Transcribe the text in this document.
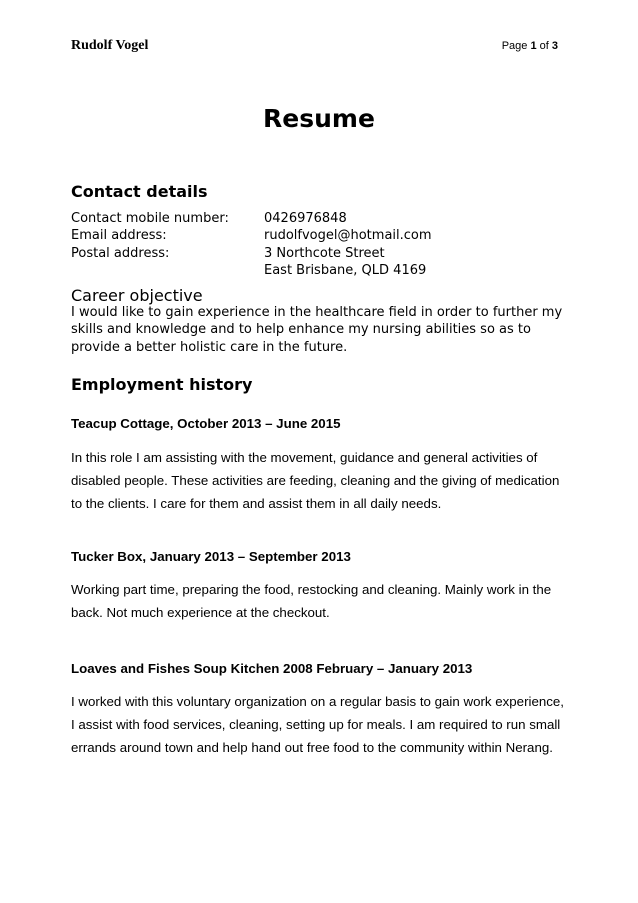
Rudolf Vogel	Page 1 of 3
Resume
Contact details
Contact mobile number:	0426976848
Email address:	rudolfvogel@hotmail.com
Postal address:	3 Northcote Street
East Brisbane, QLD 4169
Career objective
I would like to gain experience in the healthcare field in order to further my skills and knowledge and to help enhance my nursing abilities so as to provide a better holistic care in the future.
Employment history
Teacup Cottage, October 2013 – June 2015
In this role I am assisting with the movement, guidance and general activities of disabled people. These activities are feeding, cleaning and the giving of medication to the clients. I care for them and assist them in all daily needs.
Tucker Box, January 2013 – September 2013
Working part time, preparing the food, restocking and cleaning. Mainly work in the back. Not much experience at the checkout.
Loaves and Fishes Soup Kitchen 2008 February – January 2013
I worked with this voluntary organization on a regular basis to gain work experience, I assist with food services, cleaning, setting up for meals. I am required to run small errands around town and help hand out free food to the community within Nerang.
